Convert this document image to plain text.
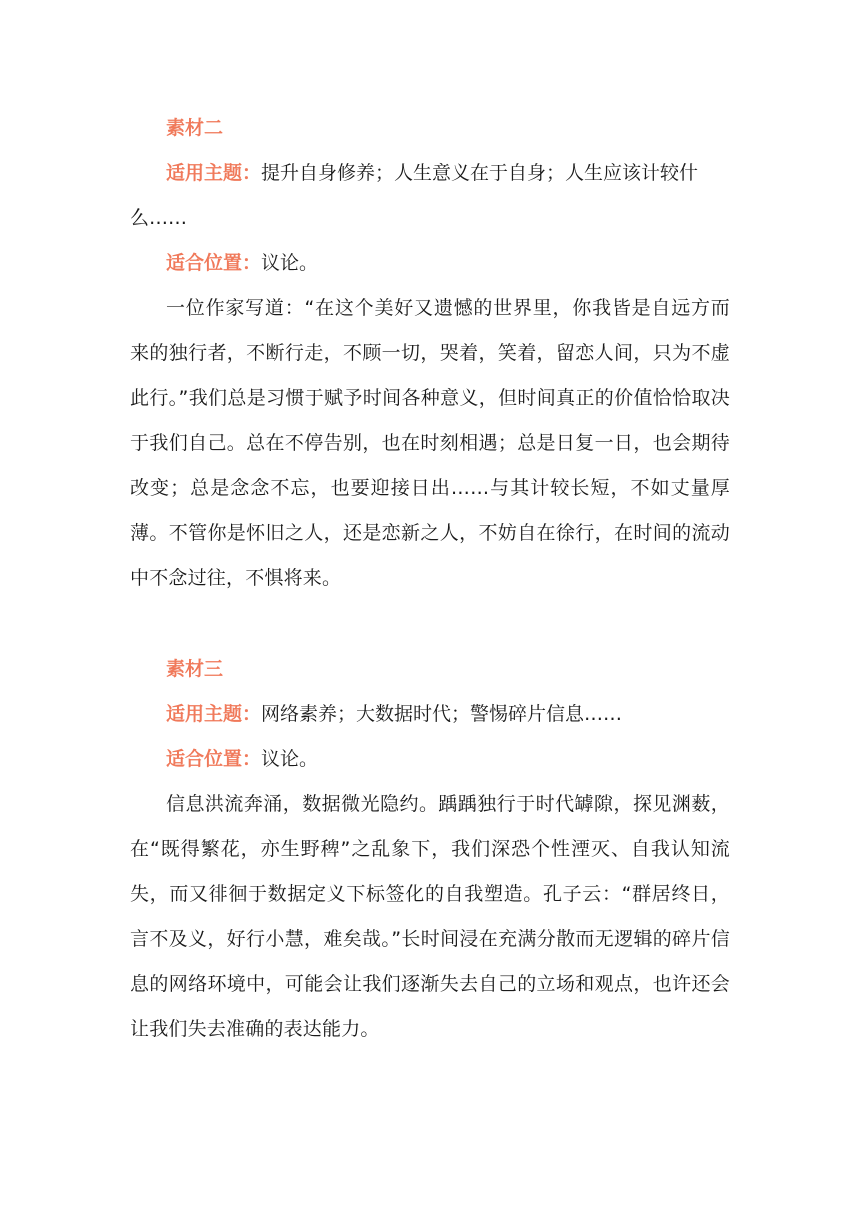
素材二

适用主题：提升自身修养；人生意义在于自身；人生应该计较什么……

适合位置：议论。

一位作家写道：“在这个美好又遗憾的世界里，你我皆是自远方而来的独行者，不断行走，不顾一切，哭着，笑着，留恋人间，只为不虚此行。”我们总是习惯于赋予时间各种意义，但时间真正的价值恰恰取决于我们自己。总在不停告别，也在时刻相遇；总是日复一日，也会期待改变；总是念念不忘，也要迎接日出……与其计较长短，不如丈量厚薄。不管你是怀旧之人，还是恋新之人，不妨自在徐行，在时间的流动中不念过往，不惧将来。

素材三

适用主题：网络素养；大数据时代；警惕碎片信息……

适合位置：议论。

信息洪流奔涌，数据微光隐约。踽踽独行于时代罅隙，探见渊薮，在“既得繁花，亦生野稗”之乱象下，我们深恐个性湮灭、自我认知流失，而又徘徊于数据定义下标签化的自我塑造。孔子云：“群居终日，言不及义，好行小慧，难矣哉。”长时间浸在充满分散而无逻辑的碎片信息的网络环境中，可能会让我们逐渐失去自己的立场和观点，也许还会让我们失去准确的表达能力。
